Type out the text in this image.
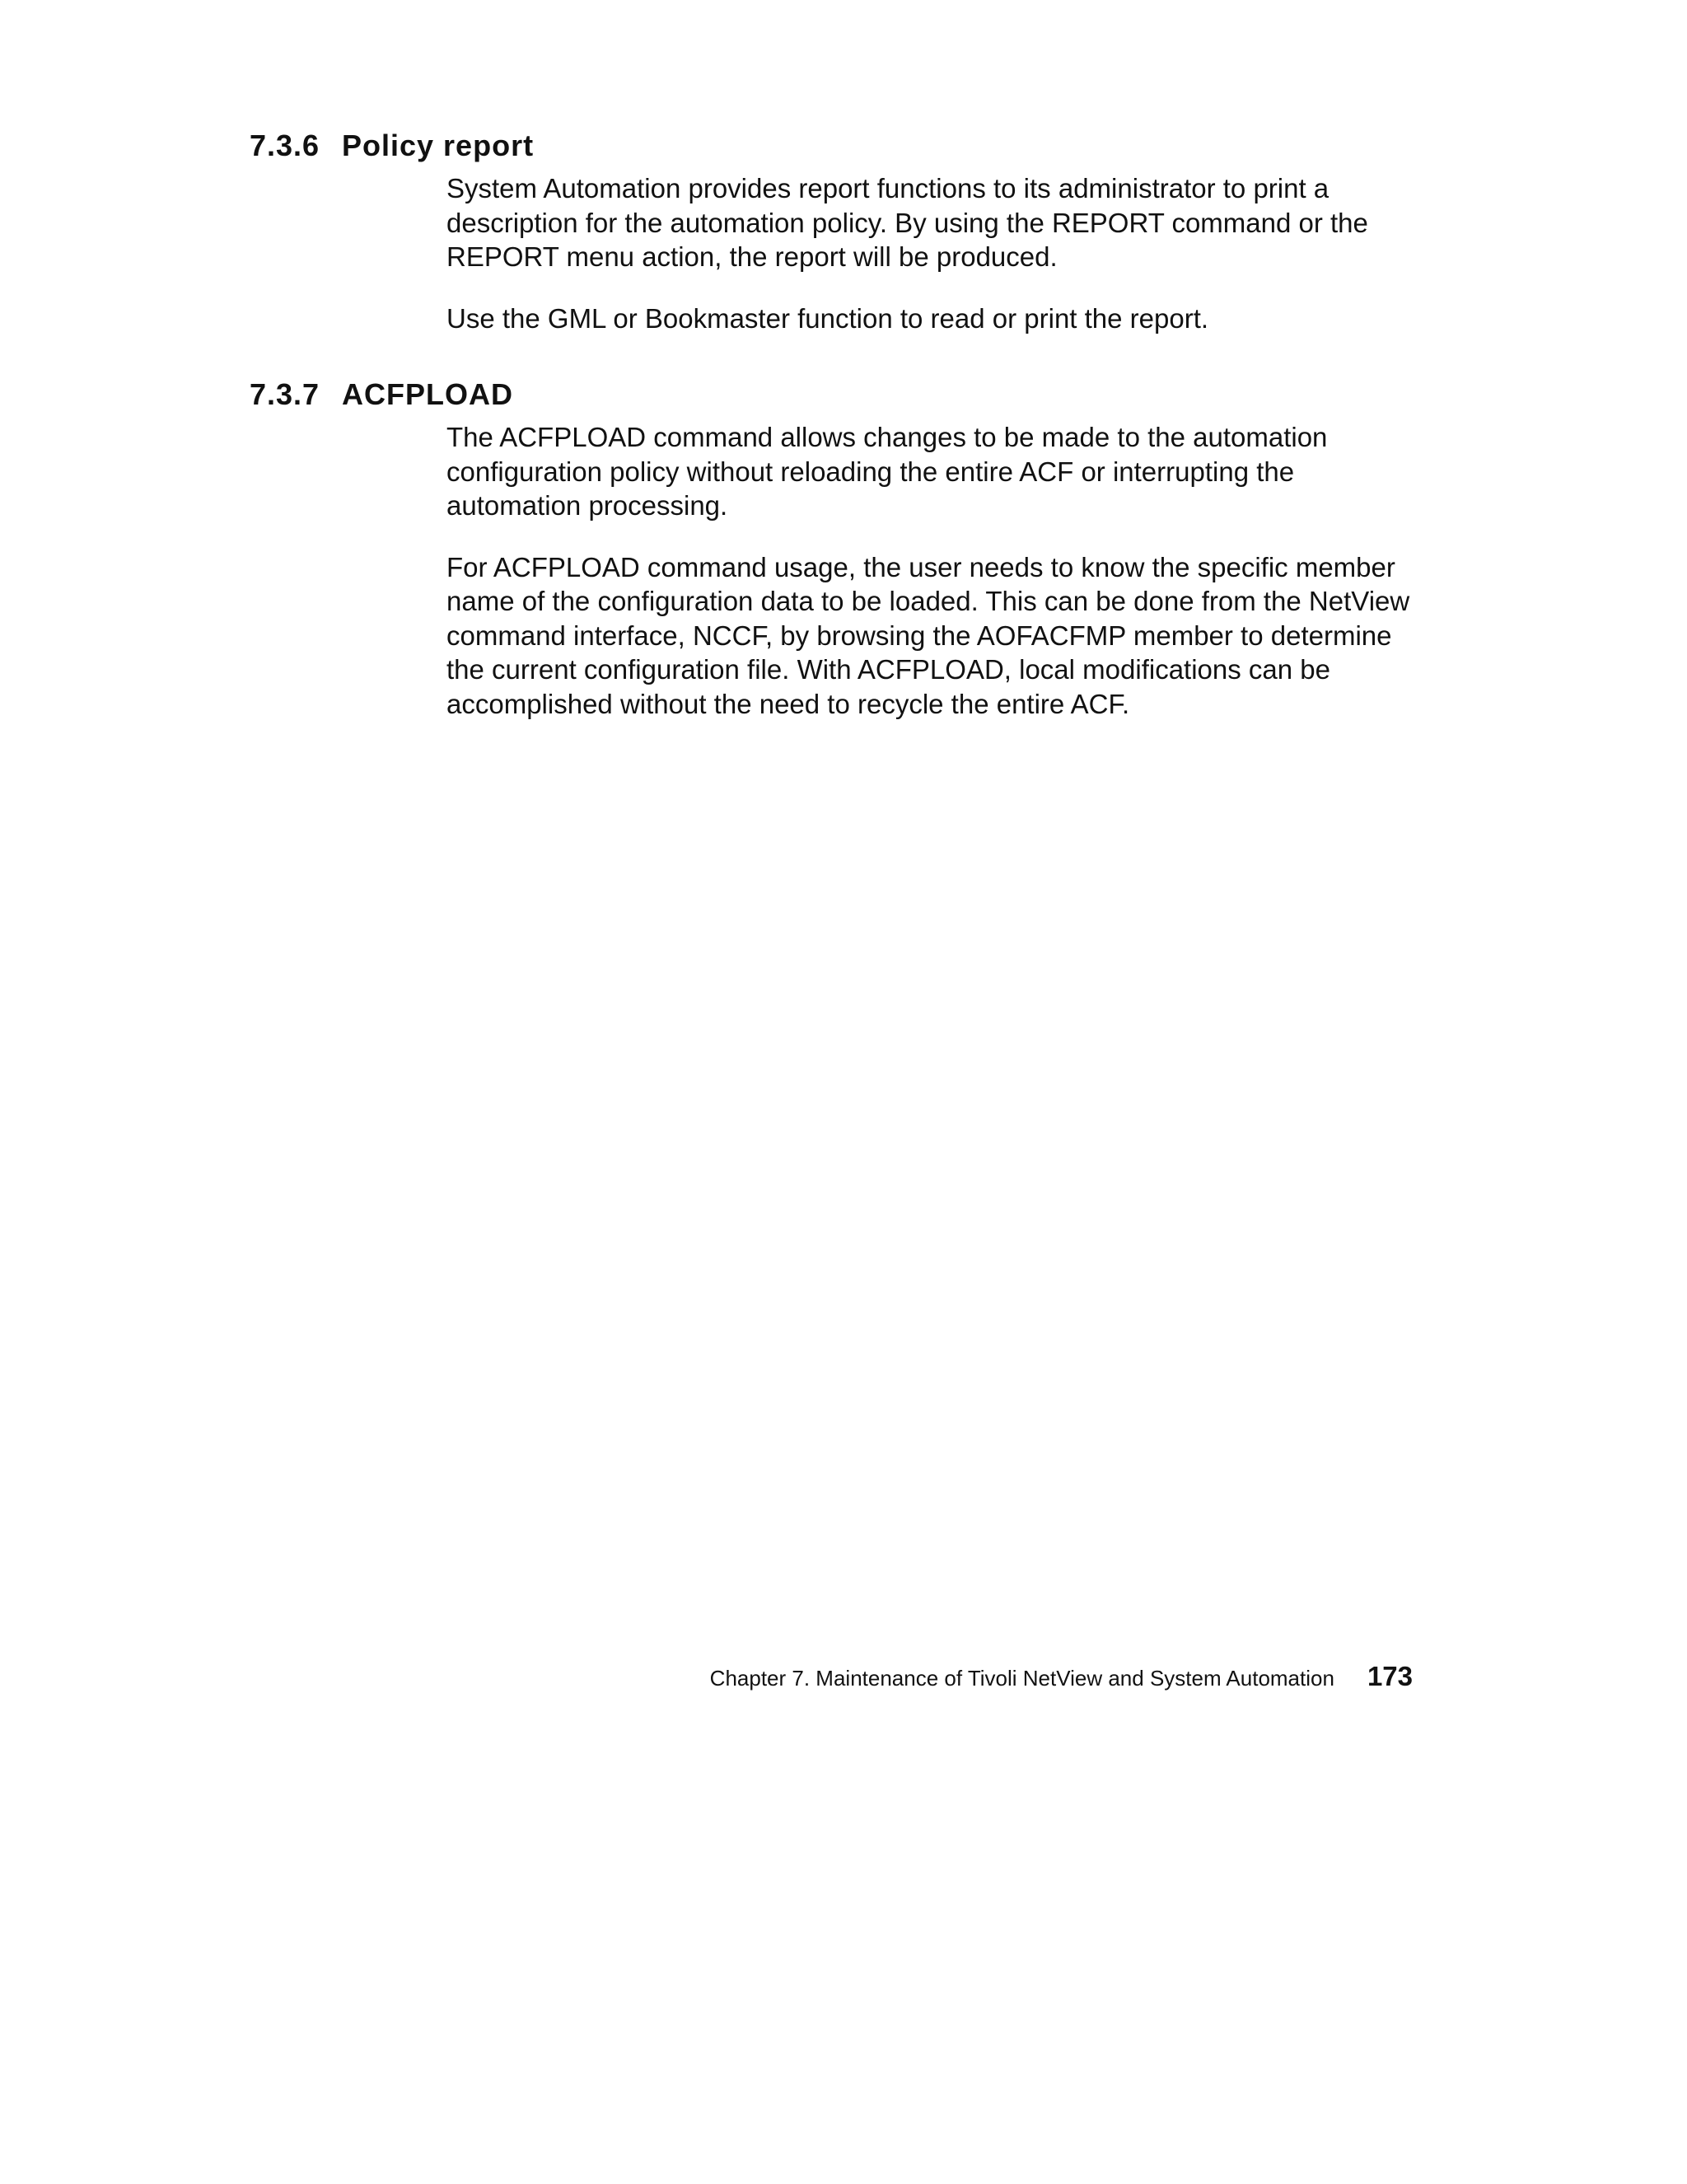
7.3.6 Policy report

System Automation provides report functions to its administrator to print a description for the automation policy. By using the REPORT command or the REPORT menu action, the report will be produced.

Use the GML or Bookmaster function to read or print the report.

7.3.7 ACFPLOAD

The ACFPLOAD command allows changes to be made to the automation configuration policy without reloading the entire ACF or interrupting the automation processing.

For ACFPLOAD command usage, the user needs to know the specific member name of the configuration data to be loaded. This can be done from the NetView command interface, NCCF, by browsing the AOFACFMP member to determine the current configuration file. With ACFPLOAD, local modifications can be accomplished without the need to recycle the entire ACF.

Chapter 7. Maintenance of Tivoli NetView and System Automation 173
